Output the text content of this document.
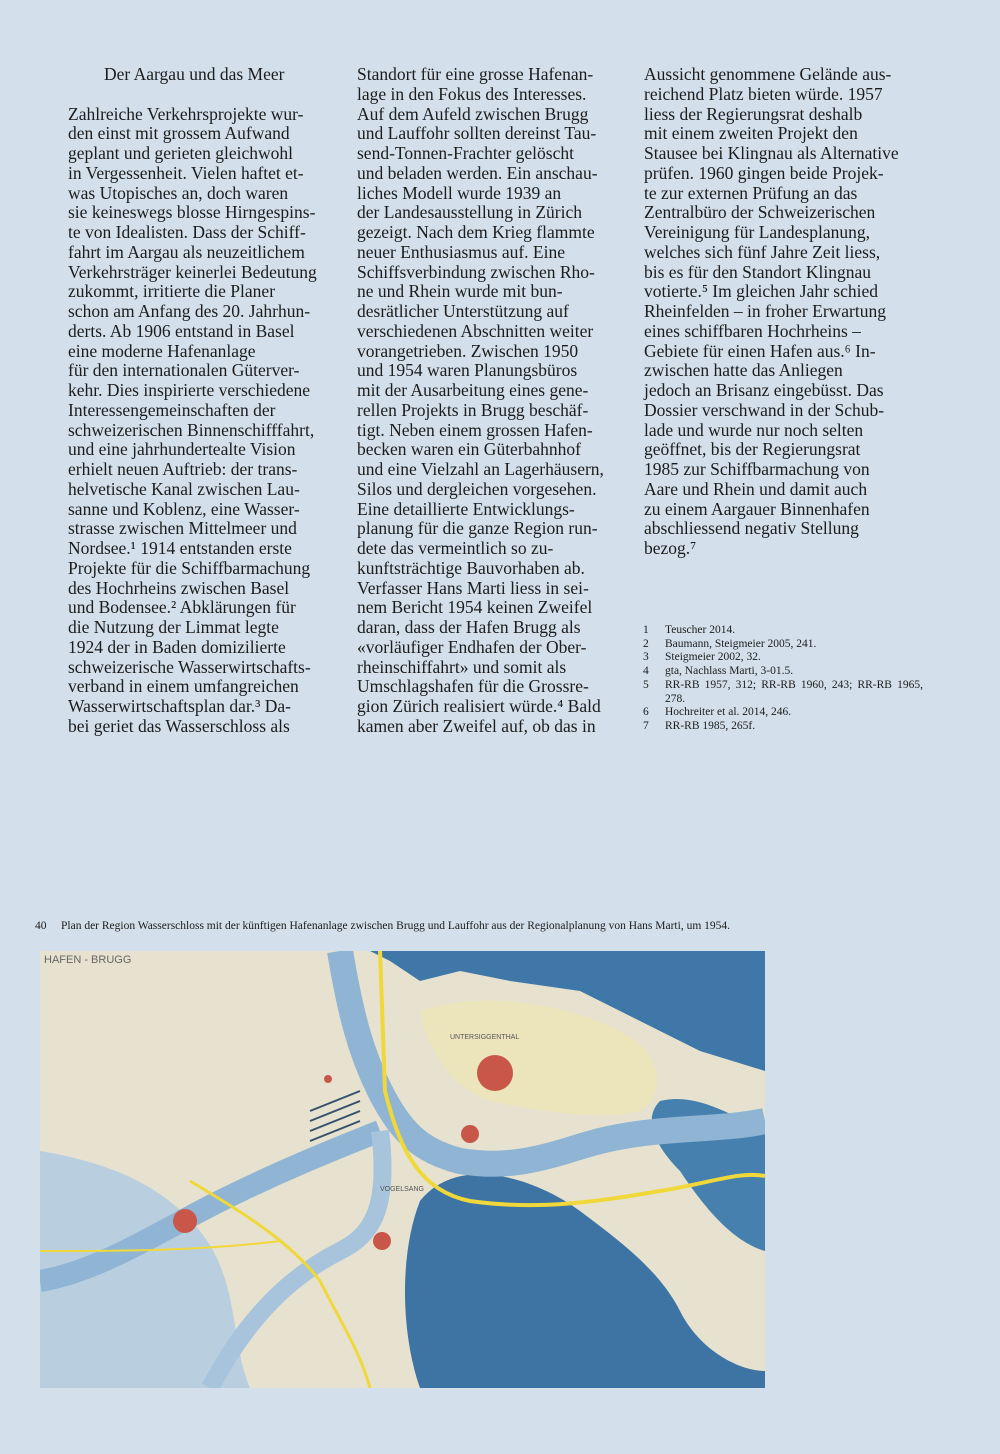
Der Aargau und das Meer
Zahlreiche Verkehrsprojekte wur-
den einst mit grossem Aufwand
geplant und gerieten gleichwohl
in Vergessenheit. Vielen haftet et-
was Utopisches an, doch waren
sie keineswegs blosse Hirngespins-
te von Idealisten. Dass der Schiff-
fahrt im Aargau als neuzeitlichem
Verkehrsträger keinerlei Bedeutung
zukommt, irritierte die Planer
schon am Anfang des 20. Jahrhun-
derts. Ab 1906 entstand in Basel
eine moderne Hafenanlage
für den internationalen Güterver-
kehr. Dies inspirierte verschiedene
Interessengemeinschaften der
schweizerischen Binnenschifffahrt,
und eine jahrhundertealte Vision
erhielt neuen Auftrieb: der trans-
helvetische Kanal zwischen Lau-
sanne und Koblenz, eine Wasser-
strasse zwischen Mittelmeer und
Nordsee.¹ 1914 entstanden erste
Projekte für die Schiffbarmachung
des Hochrheins zwischen Basel
und Bodensee.² Abklärungen für
die Nutzung der Limmat legte
1924 der in Baden domizilierte
schweizerische Wasserwirtschafts-
verband in einem umfangreichen
Wasserwirtschaftsplan dar.³ Da-
bei geriet das Wasserschloss als
Standort für eine grosse Hafenan-
lage in den Fokus des Interesses.
Auf dem Aufeld zwischen Brugg
und Lauffohr sollten dereinst Tau-
send-Tonnen-Frachter gelöscht
und beladen werden. Ein anschau-
liches Modell wurde 1939 an
der Landesausstellung in Zürich
gezeigt. Nach dem Krieg flammte
neuer Enthusiasmus auf. Eine
Schiffsverbindung zwischen Rho-
ne und Rhein wurde mit bun-
desrätlicher Unterstützung auf
verschiedenen Abschnitten weiter
vorangetrieben. Zwischen 1950
und 1954 waren Planungsbüros
mit der Ausarbeitung eines gene-
rellen Projekts in Brugg beschäf-
tigt. Neben einem grossen Hafen-
becken waren ein Güterbahnhof
und eine Vielzahl an Lagerhäusern,
Silos und dergleichen vorgesehen.
Eine detaillierte Entwicklungs-
planung für die ganze Region run-
dete das vermeintlich so zu-
kunftsträchtige Bauvorhaben ab.
Verfasser Hans Marti liess in sei-
nem Bericht 1954 keinen Zweifel
daran, dass der Hafen Brugg als
«vorläufiger Endhafen der Ober-
rheinschiffahrt» und somit als
Umschlagshafen für die Grossre-
gion Zürich realisiert würde.⁴ Bald
kamen aber Zweifel auf, ob das in
Aussicht genommene Gelände aus-
reichend Platz bieten würde. 1957
liess der Regierungsrat deshalb
mit einem zweiten Projekt den
Stausee bei Klingnau als Alternative
prüfen. 1960 gingen beide Projek-
te zur externen Prüfung an das
Zentralbüro der Schweizerischen
Vereinigung für Landesplanung,
welches sich fünf Jahre Zeit liess,
bis es für den Standort Klingnau
votierte.⁵ Im gleichen Jahr schied
Rheinfelden – in froher Erwartung
eines schiffbaren Hochrheins –
Gebiete für einen Hafen aus.⁶ In-
zwischen hatte das Anliegen
jedoch an Brisanz eingebüsst. Das
Dossier verschwand in der Schub-
lade und wurde nur noch selten
geöffnet, bis der Regierungsrat
1985 zur Schiffbarmachung von
Aare und Rhein und damit auch
zu einem Aargauer Binnenhafen
abschliessend negativ Stellung
bezog.⁷
1	Teuscher 2014.
2	Baumann, Steigmeier 2005, 241.
3	Steigmeier 2002, 32.
4	gta, Nachlass Marti, 3-01.5.
5	RR-RB 1957, 312; RR-RB 1960, 243; RR-RB 1965, 278.
6	Hochreiter et al. 2014, 246.
7	RR-RB 1985, 265f.
40 Plan der Region Wasserschloss mit der künftigen Hafenanlage zwischen Brugg und Lauffohr aus der Regionalplanung von Hans Marti, um 1954.
HAFEN - BRUGG
UNTERSIGGENTHAL
VOGELSANG
